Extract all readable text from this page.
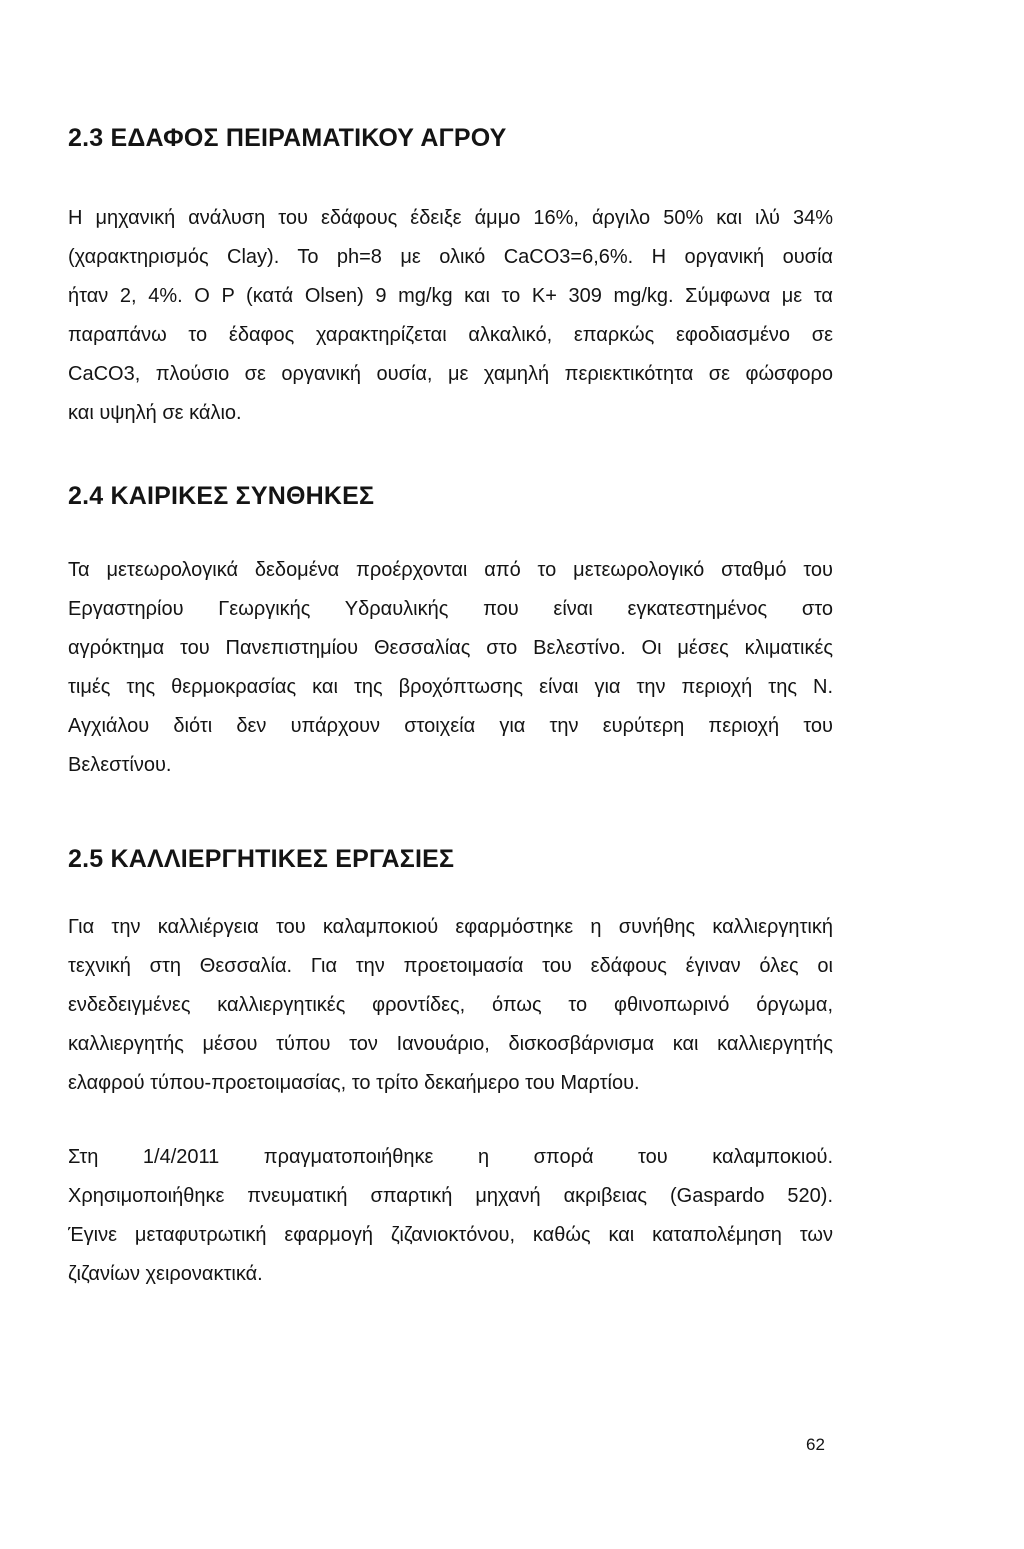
2.3 ΕΔΑΦΟΣ ΠΕΙΡΑΜΑΤΙΚΟΥ ΑΓΡΟΥ
Η μηχανική ανάλυση του εδάφους έδειξε άμμο 16%, άργιλο 50% και ιλύ 34%
(χαρακτηρισμός Clay). Το ph=8 με ολικό CaCO3=6,6%. Η οργανική ουσία
ήταν 2, 4%. Ο Ρ (κατά Olsen) 9 mg/kg και το Κ+ 309 mg/kg. Σύμφωνα με τα
παραπάνω το έδαφος χαρακτηρίζεται αλκαλικό, επαρκώς εφοδιασμένο σε
CaCO3, πλούσιο σε οργανική ουσία, με χαμηλή περιεκτικότητα σε φώσφορο
και υψηλή σε κάλιο.
2.4 ΚΑΙΡΙΚΕΣ ΣΥΝΘΗΚΕΣ
Τα μετεωρολογικά δεδομένα προέρχονται από το μετεωρολογικό σταθμό του
Εργαστηρίου Γεωργικής Υδραυλικής που είναι εγκατεστημένος στο
αγρόκτημα του Πανεπιστημίου Θεσσαλίας στο Βελεστίνο. Οι μέσες κλιματικές
τιμές της θερμοκρασίας και της βροχόπτωσης είναι για την περιοχή της Ν.
Αγχιάλου διότι δεν υπάρχουν στοιχεία για την ευρύτερη περιοχή του
Βελεστίνου.
2.5 ΚΑΛΛΙΕΡΓΗΤΙΚΕΣ ΕΡΓΑΣΙΕΣ
Για την καλλιέργεια του καλαμποκιού εφαρμόστηκε η συνήθης καλλιεργητική
τεχνική στη Θεσσαλία. Για την προετοιμασία του εδάφους έγιναν όλες οι
ενδεδειγμένες καλλιεργητικές φροντίδες, όπως το φθινοπωρινό όργωμα,
καλλιεργητής μέσου τύπου τον Ιανουάριο, δισκοσβάρνισμα και καλλιεργητής
ελαφρού τύπου-προετοιμασίας, το τρίτο δεκαήμερο του Μαρτίου.
Στη 1/4/2011 πραγματοποιήθηκε η σπορά του καλαμποκιού.
Χρησιμοποιήθηκε πνευματική σπαρτική μηχανή ακριβειας (Gaspardo 520).
Έγινε μεταφυτρωτική εφαρμογή ζιζανιοκτόνου, καθώς και καταπολέμηση των
ζιζανίων χειρονακτικά.
62
